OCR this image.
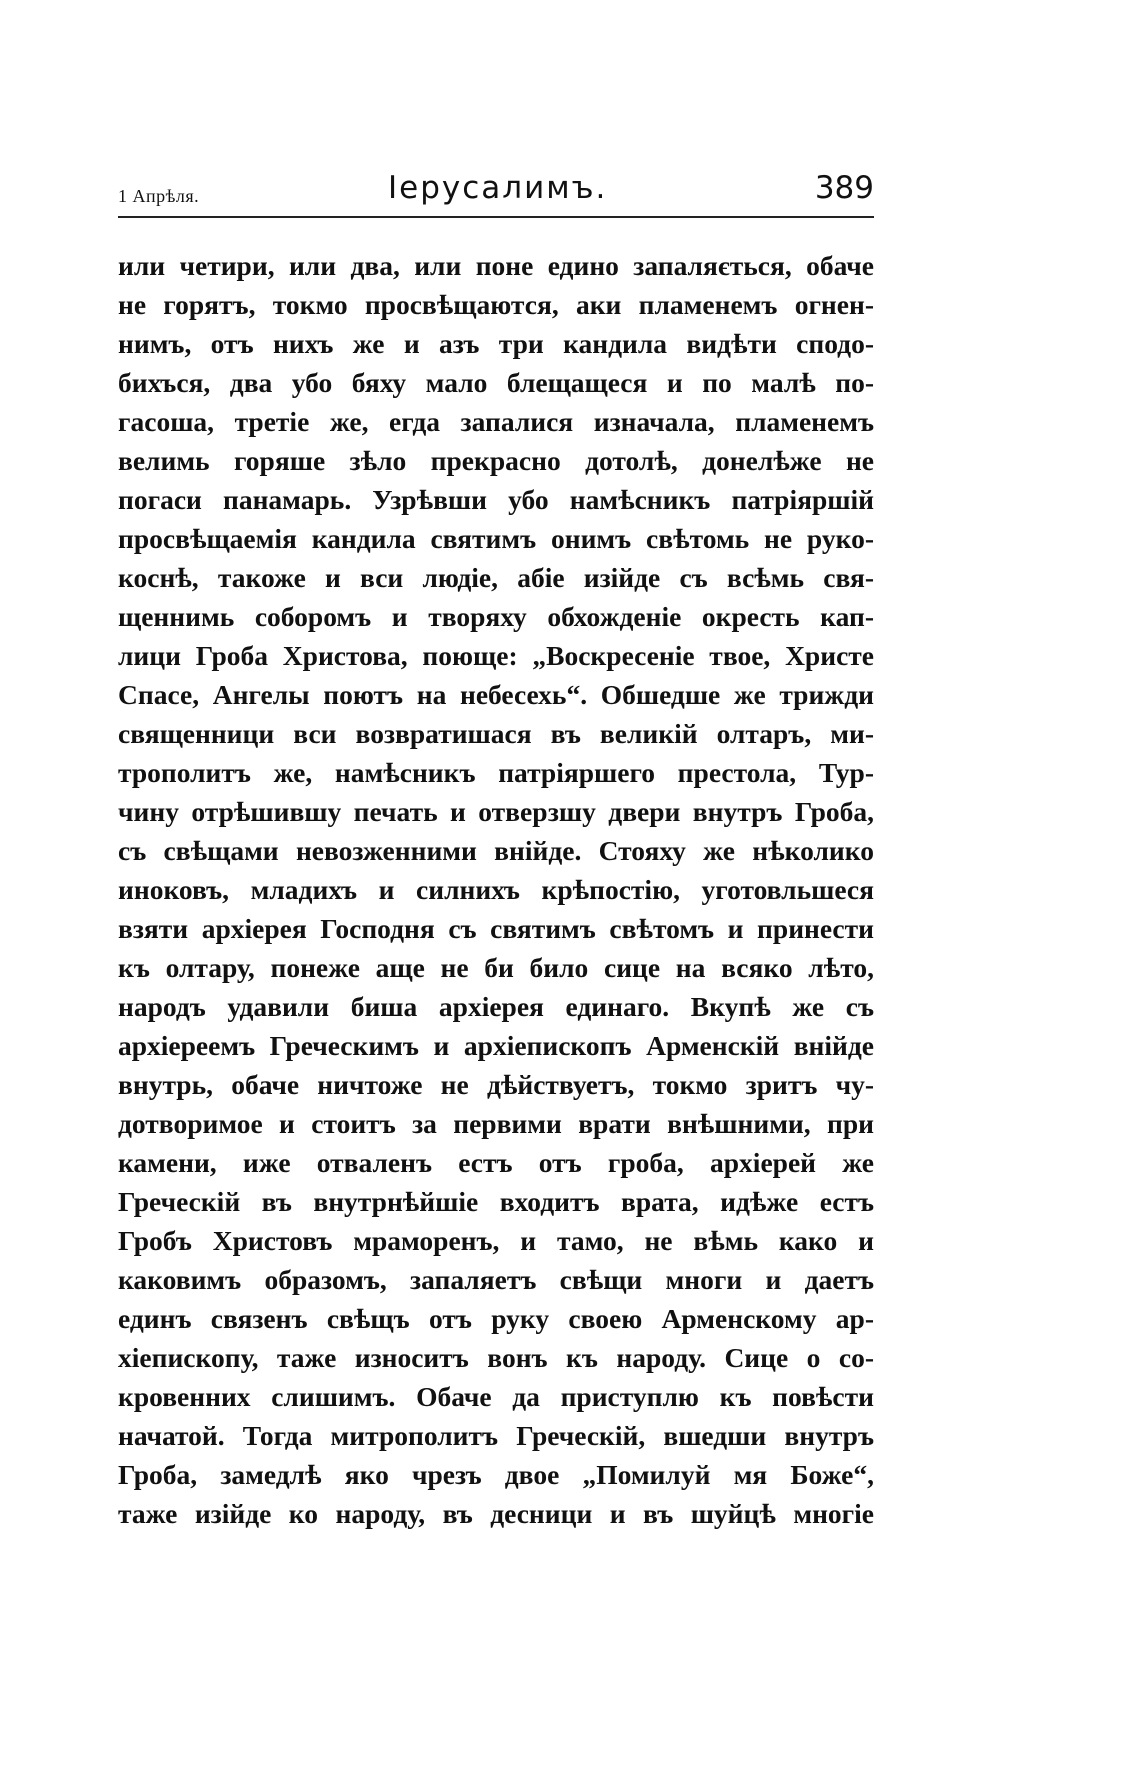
1 Апрѣля.	Іерусалимъ.	389
или четири, или два, или поне едино запаляється, обаче
не горятъ, токмо просвѣщаются, аки пламенемъ огнен-
нимъ, отъ нихъ же и азъ три кандила видѣти сподо-
бихъся, два убо бяху мало блещащеся и по малѣ по-
гасоша, третіе же, егда запалися изначала, пламенемъ
велимь горяше зѣло прекрасно дотолѣ, донелѣже не
погаси панамарь. Узрѣвши убо намѣсникъ патріяршій
просвѣщаемія кандила святимъ онимъ свѣтомь не руко-
коснѣ, такоже и вси людіе, абіе изійде съ всѣмь свя-
щеннимь соборомъ и творяху обхожденіе окресть кап-
лици Гроба Христова, поюще: „Воскресеніе твое, Христе
Спасе, Ангелы поютъ на небесехь“. Обшедше же трижди
священници вси возвратишася въ великій олтаръ, ми-
трополитъ же, намѣсникъ патріяршего престола, Тур-
чину отрѣшившу печать и отверзшу двери внутръ Гроба,
съ свѣщами невозженними внійде. Стояху же нѣколико
иноковъ, младихъ и силнихъ крѣпостію, уготовльшеся
взяти архіерея Господня съ святимъ свѣтомъ и принести
къ олтару, понеже аще не би било сице на всяко лѣто,
народъ удавили биша архіерея единаго. Вкупѣ же съ
архіереемъ Греческимъ и архіепископъ Арменскій внійде
внутрь, обаче ничтоже не дѣйствуетъ, токмо зритъ чу-
дотворимое и стоитъ за первими врати внѣшними, при
камени, иже отваленъ естъ отъ гроба, архіерей же
Греческій въ внутрнѣйшіе входитъ врата, идѣже естъ
Гробъ Христовъ мраморенъ, и тамо, не вѣмь како и
каковимъ образомъ, запаляетъ свѣщи многи и даетъ
единъ связенъ свѣщъ отъ руку своею Арменскому ар-
хіепископу, таже износитъ вонъ къ народу. Сице о со-
кровенних слишимъ. Обаче да приступлю къ повѣсти
начатой. Тогда митрополитъ Греческій, вшедши внутръ
Гроба, замедлѣ яко чрезъ двое „Помилуй мя Боже“,
таже изійде ко народу, въ десници и въ шуйцѣ многіе
